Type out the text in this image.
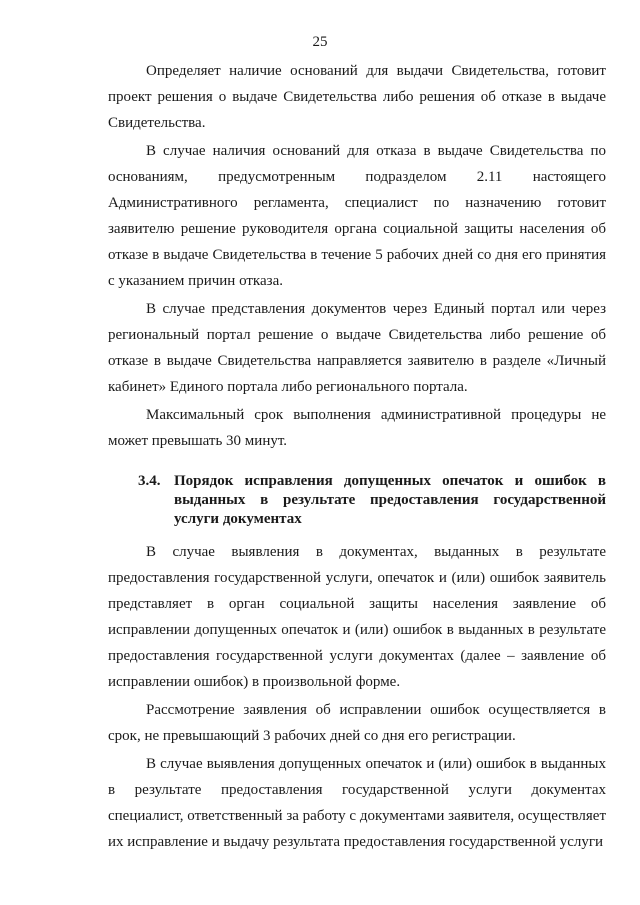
25

Определяет наличие оснований для выдачи Свидетельства, готовит проект решения о выдаче Свидетельства либо решения об отказе в выдаче Свидетельства.

В случае наличия оснований для отказа в выдаче Свидетельства по основаниям, предусмотренным подразделом 2.11 настоящего Административного регламента, специалист по назначению готовит заявителю решение руководителя органа социальной защиты населения об отказе в выдаче Свидетельства в течение 5 рабочих дней со дня его принятия с указанием причин отказа.

В случае представления документов через Единый портал или через региональный портал решение о выдаче Свидетельства либо решение об отказе в выдаче Свидетельства направляется заявителю в разделе «Личный кабинет» Единого портала либо регионального портала.

Максимальный срок выполнения административной процедуры не может превышать 30 минут.

3.4. Порядок исправления допущенных опечаток и ошибок в выданных в результате предоставления государственной услуги документах

В случае выявления в документах, выданных в результате предоставления государственной услуги, опечаток и (или) ошибок заявитель представляет в орган социальной защиты населения заявление об исправлении допущенных опечаток и (или) ошибок в выданных в результате предоставления государственной услуги документах (далее – заявление об исправлении ошибок) в произвольной форме.

Рассмотрение заявления об исправлении ошибок осуществляется в срок, не превышающий 3 рабочих дней со дня его регистрации.

В случае выявления допущенных опечаток и (или) ошибок в выданных в результате предоставления государственной услуги документах специалист, ответственный за работу с документами заявителя, осуществляет их исправление и выдачу результата предоставления государственной услуги
